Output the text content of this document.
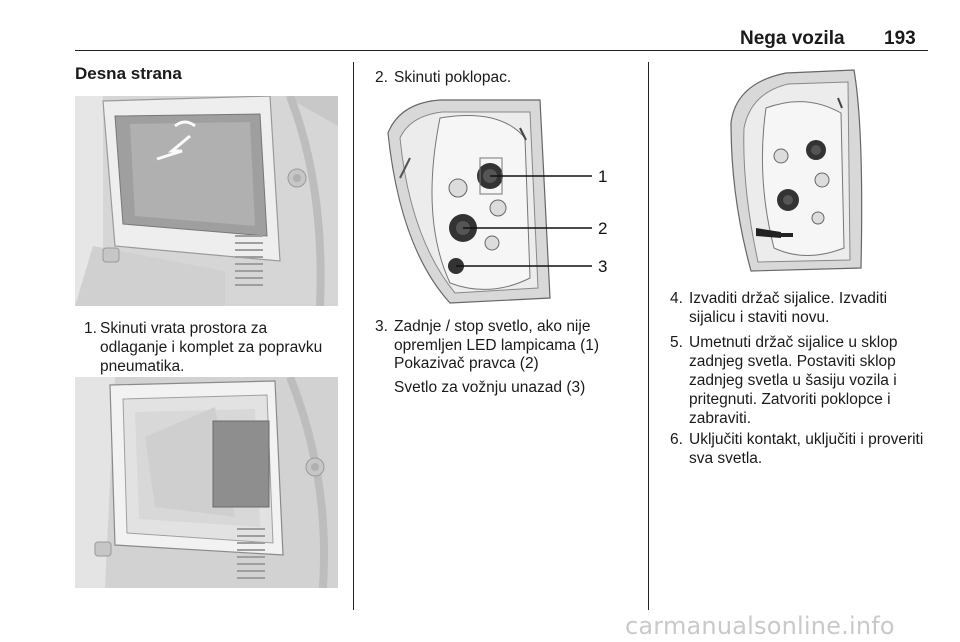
Nega vozila 193
Desna strana
1. Skinuti vrata prostora za
odlaganje i komplet za popravku
pneumatika.
2. Skinuti poklopac.
1
2
3
3. Zadnje / stop svetlo, ako nije
opremljen LED lampicama (1)
Pokazivač pravca (2)
Svetlo za vožnju unazad (3)
4. Izvaditi držač sijalice. Izvaditi
sijalicu i staviti novu.
5. Umetnuti držač sijalice u sklop
zadnjeg svetla. Postaviti sklop
zadnjeg svetla u šasiju vozila i
pritegnuti. Zatvoriti poklopce i
zabraviti.
6. Uključiti kontakt, uključiti i proveriti
sva svetla.
carmanualsonline.info
